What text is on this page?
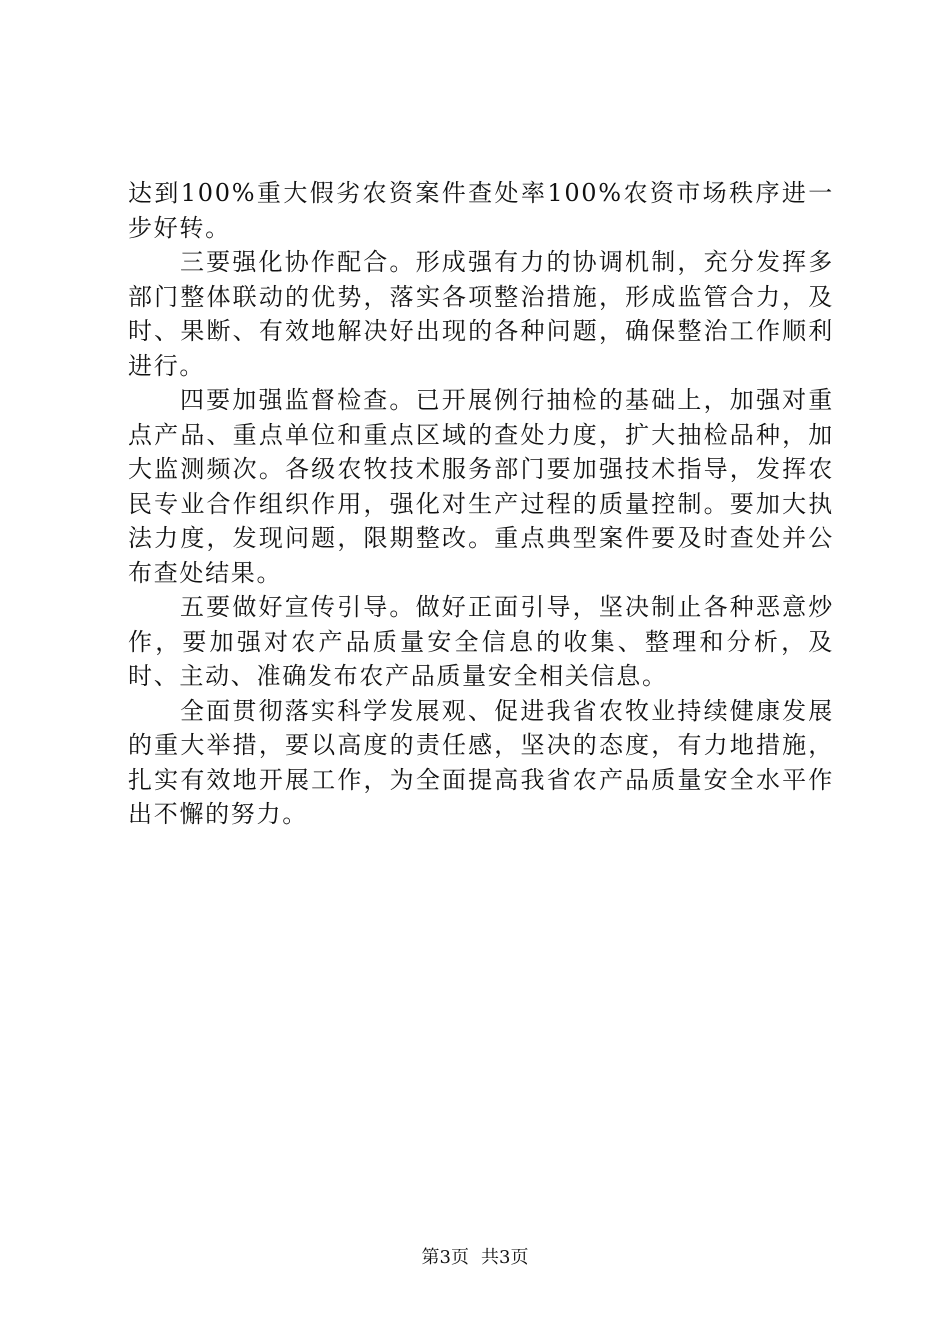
达到100%重大假劣农资案件查处率100%农资市场秩序进一步好转。

三要强化协作配合。形成强有力的协调机制，充分发挥多部门整体联动的优势，落实各项整治措施，形成监管合力，及时、果断、有效地解决好出现的各种问题，确保整治工作顺利进行。

四要加强监督检查。已开展例行抽检的基础上，加强对重点产品、重点单位和重点区域的查处力度，扩大抽检品种，加大监测频次。各级农牧技术服务部门要加强技术指导，发挥农民专业合作组织作用，强化对生产过程的质量控制。要加大执法力度，发现问题，限期整改。重点典型案件要及时查处并公布查处结果。

五要做好宣传引导。做好正面引导，坚决制止各种恶意炒作，要加强对农产品质量安全信息的收集、整理和分析，及时、主动、准确发布农产品质量安全相关信息。

全面贯彻落实科学发展观、促进我省农牧业持续健康发展的重大举措，要以高度的责任感，坚决的态度，有力地措施，扎实有效地开展工作，为全面提高我省农产品质量安全水平作出不懈的努力。

第3页 共3页
